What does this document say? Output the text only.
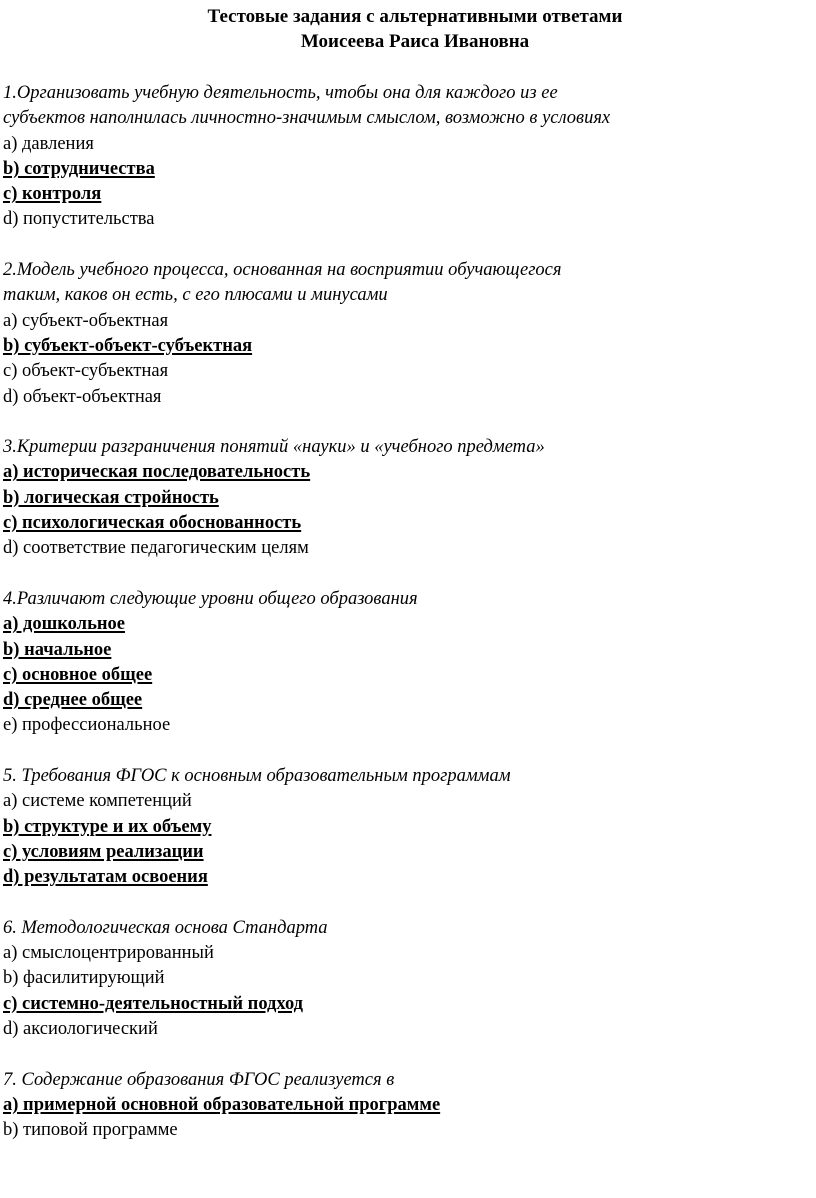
Тестовые задания с альтернативными ответами
Моисеева Раиса Ивановна
1.Организовать учебную деятельность, чтобы она для каждого из ее
субъектов наполнилась личностно-значимым смыслом, возможно в условиях
a) давления
b) сотрудничества
c) контроля
d) попустительства
2.Модель учебного процесса, основанная на восприятии обучающегося
таким, каков он есть, с его плюсами и минусами
a) субъект-объектная
b) субъект-объект-субъектная
c) объект-субъектная
d) объект-объектная
3.Критерии разграничения понятий «науки» и «учебного предмета»
a) историческая последовательность
b) логическая стройность
c) психологическая обоснованность
d) соответствие педагогическим целям
4.Различают следующие уровни общего образования
a) дошкольное
b) начальное
c) основное общее
d) среднее общее
e) профессиональное
5. Требования ФГОС к основным образовательным программам
a) системе компетенций
b) структуре и их объему
c) условиям реализации
d) результатам освоения
6. Методологическая основа Стандарта
a) смыслоцентрированный
b) фасилитирующий
c) системно-деятельностный подход
d) аксиологический
7. Содержание образования ФГОС реализуется в
a) примерной основной образовательной программе
b) типовой программе
